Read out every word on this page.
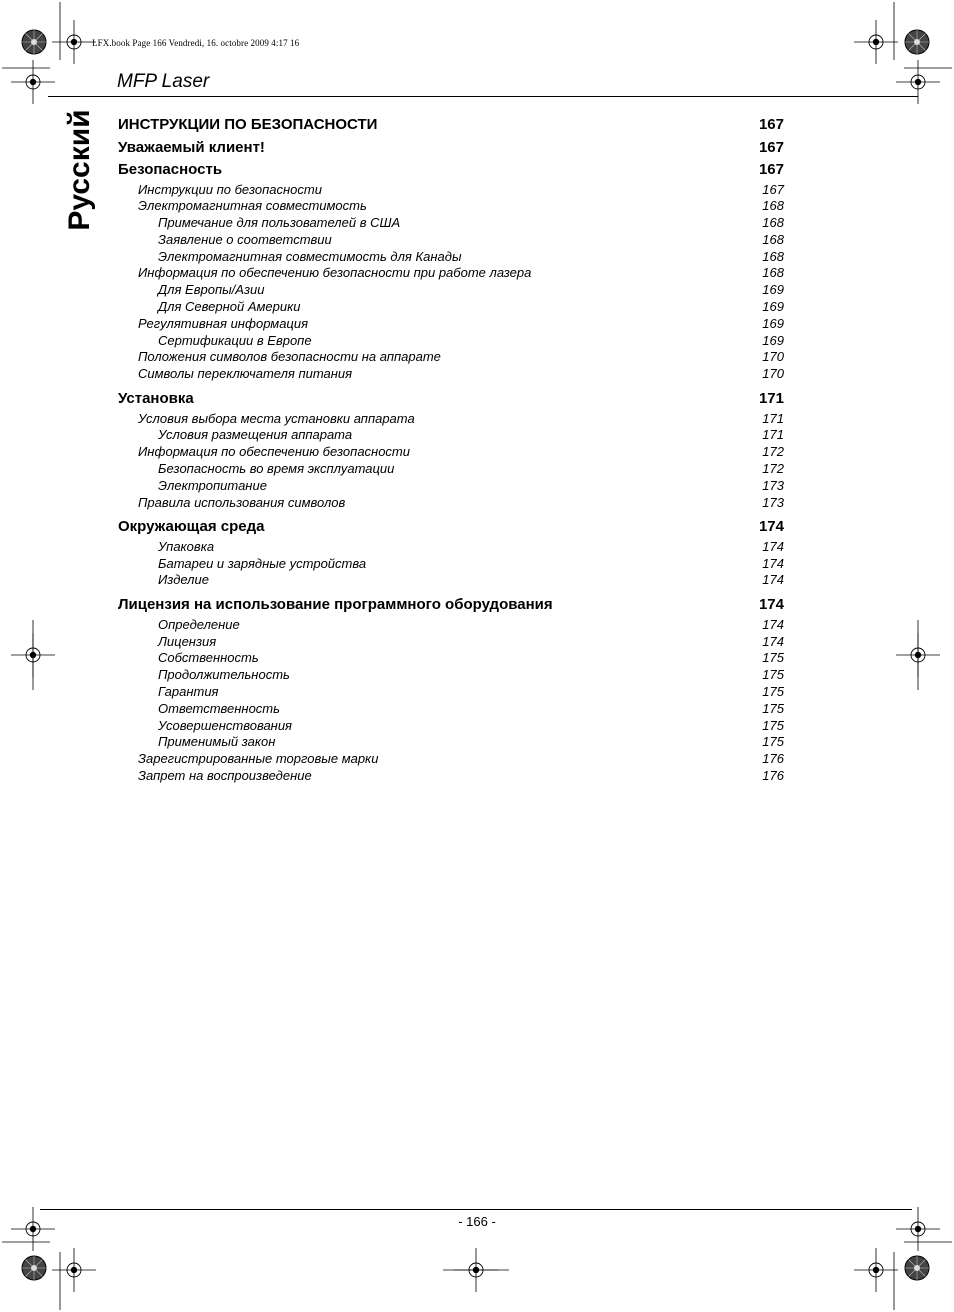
LFX.book Page 166 Vendredi, 16. octobre 2009 4:17 16
MFP Laser
Русский ИНСТРУКЦИИ ПО БЕЗОПАСНОСТИ	167
Уважаемый клиент!	167
Безопасность	167
Инструкции по безопасности	167
Электромагнитная совместимость	168
Примечание для пользователей в США	168
Заявление о соответствии	168
Электромагнитная совместимость для Канады	168
Информация по обеспечению безопасности при работе лазера	168
Для Европы/Азии	169
Для Северной Америки	169
Регулятивная информация	169
Сертификации в Европе	169
Положения символов безопасности на аппарате	170
Символы переключателя питания	170
Установка	171
Условия выбора места установки аппарата	171
Условия размещения аппарата	171
Информация по обеспечению безопасности	172
Безопасность во время эксплуатации	172
Электропитание	173
Правила использования символов	173
Окружающая среда	174
Упаковка	174
Батареи и зарядные устройства	174
Изделие	174
Лицензия на использование программного оборудования	174
Определение	174
Лицензия	174
Собственность	175
Продолжительность	175
Гарантия	175
Ответственность	175
Усовершенствования	175
Применимый закон	175
Зарегистрированные торговые марки	176
Запрет на воспроизведение	176
- 166 -
